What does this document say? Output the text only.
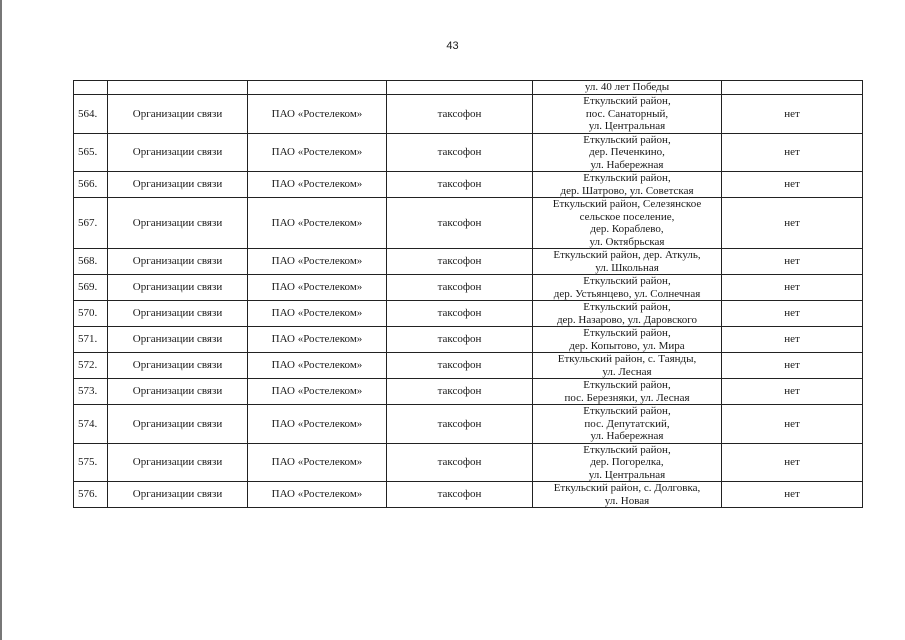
43
				ул. 40 лет Победы	
564.	Организации связи	ПАО «Ростелеком»	таксофон	Еткульский район,
пос. Санаторный,
ул. Центральная	нет
565.	Организации связи	ПАО «Ростелеком»	таксофон	Еткульский район,
дер. Печенкино,
ул. Набережная	нет
566.	Организации связи	ПАО «Ростелеком»	таксофон	Еткульский район,
дер. Шатрово, ул. Советская	нет
567.	Организации связи	ПАО «Ростелеком»	таксофон	Еткульский район, Селезянское
сельское поселение,
дер. Кораблево,
ул. Октябрьская	нет
568.	Организации связи	ПАО «Ростелеком»	таксофон	Еткульский район, дер. Аткуль,
ул. Школьная	нет
569.	Организации связи	ПАО «Ростелеком»	таксофон	Еткульский район,
дер. Устьянцево, ул. Солнечная	нет
570.	Организации связи	ПАО «Ростелеком»	таксофон	Еткульский район,
дер. Назарово, ул. Даровского	нет
571.	Организации связи	ПАО «Ростелеком»	таксофон	Еткульский район,
дер. Копытово, ул. Мира	нет
572.	Организации связи	ПАО «Ростелеком»	таксофон	Еткульский район, с. Таянды,
ул. Лесная	нет
573.	Организации связи	ПАО «Ростелеком»	таксофон	Еткульский район,
пос. Березняки, ул. Лесная	нет
574.	Организации связи	ПАО «Ростелеком»	таксофон	Еткульский район,
пос. Депутатский,
ул. Набережная	нет
575.	Организации связи	ПАО «Ростелеком»	таксофон	Еткульский район,
дер. Погорелка,
ул. Центральная	нет
576.	Организации связи	ПАО «Ростелеком»	таксофон	Еткульский район, с. Долговка,
ул. Новая	нет
